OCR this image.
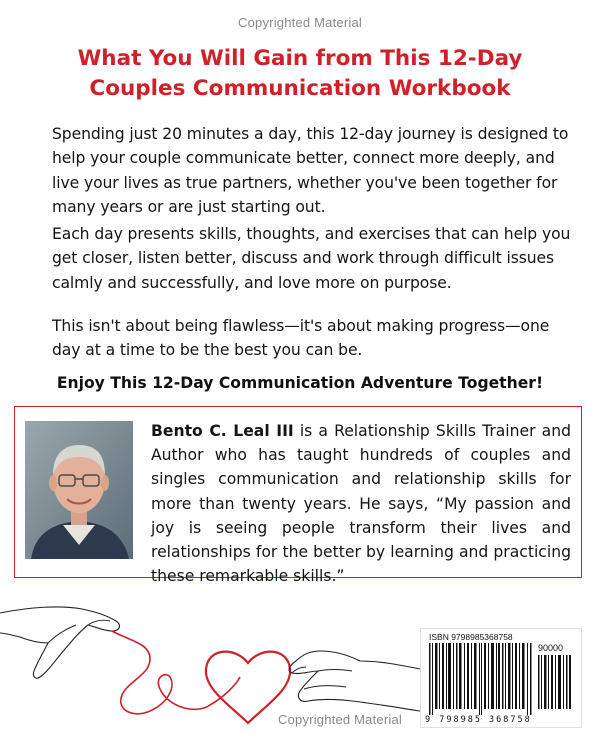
Copyrighted Material
What You Will Gain from This 12-Day
Couples Communication Workbook

Spending just 20 minutes a day, this 12-day journey is designed to help your couple communicate better, connect more deeply, and live your lives as true partners, whether you've been together for many years or are just starting out.

Each day presents skills, thoughts, and exercises that can help you get closer, listen better, discuss and work through difficult issues calmly and successfully, and love more on purpose.

This isn't about being flawless—it's about making progress—one day at a time to be the best you can be.

Enjoy This 12-Day Communication Adventure Together!

Bento C. Leal III is a Relationship Skills Trainer and Author who has taught hundreds of couples and singles communication and relationship skills for more than twenty years. He says, “My passion and joy is seeing people transform their lives and relationships for the better by learning and practicing these remarkable skills.”

ISBN 9798985368758

90000

9 798985 368758

Copyrighted Material
